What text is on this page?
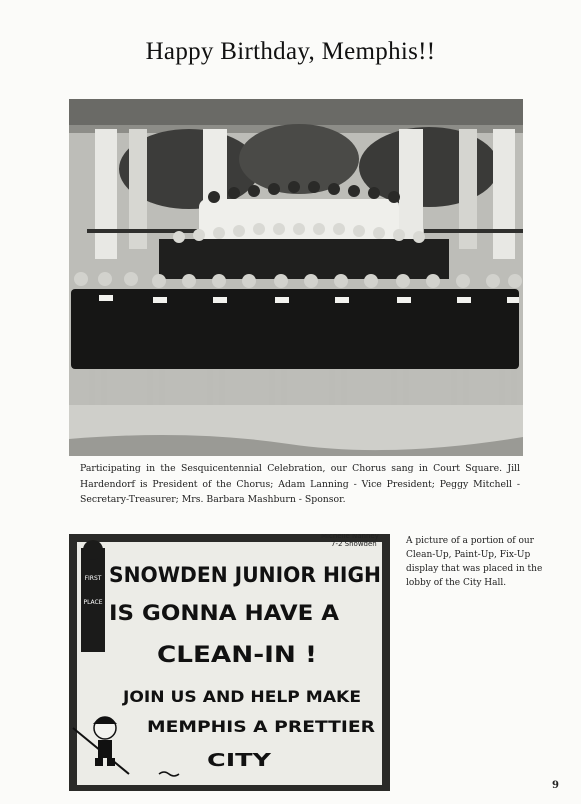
Happy Birthday, Memphis!!
Participating in the Sesquicentennial Celebration, our Chorus sang in Court Square. Jill Hardendorf is President of the Chorus; Adam Lanning - Vice President; Peggy Mitchell - Secretary-Treasurer; Mrs. Barbara Mashburn - Sponsor.
Michelle Nanney
7-2 Snowden
FIRST
PLACE
SNOWDEN JUNIOR HIGH
IS GONNA HAVE A
CLEAN-IN !
JOIN US AND HELP MAKE
MEMPHIS A PRETTIER
CITY
A picture of a portion of our Clean-Up, Paint-Up, Fix-Up display that was placed in the lobby of the City Hall.
9
